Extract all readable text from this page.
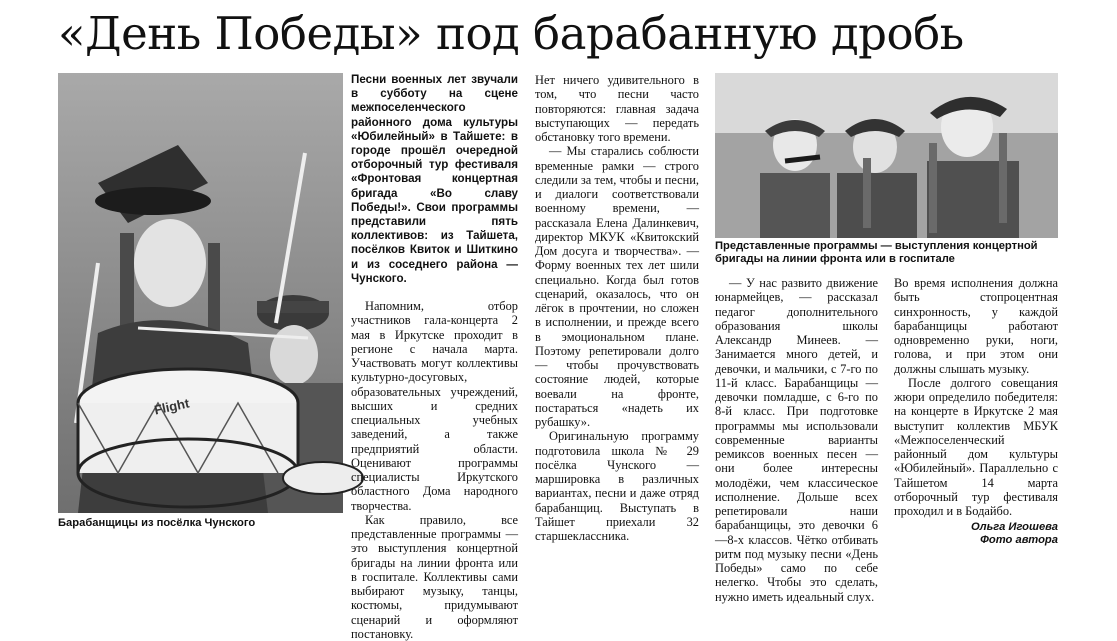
«День Победы» под барабанную дробь
Flight
Барабанщицы из посёлка Чунского
Представленные программы — выступления концертной бригады на линии фронта или в госпитале
Песни военных лет звучали в субботу на сцене межпоселенческого районного дома культуры «Юбилейный» в Тайшете: в городе прошёл очередной отборочный тур фестиваля «Фронтовая концертная бригада «Во славу Победы!». Свои программы представили пять коллективов: из Тайшета, посёлков Квиток и Шиткино и из соседнего района — Чунского.

Напомним, отбор участников гала-концерта 2 мая в Иркутске проходит в регионе с начала марта. Участвовать могут коллективы культурно-досуговых, образовательных учреждений, высших и средних специальных учебных заведений, а также предприятий области. Оценивают программы специалисты Иркутского областного Дома народного творчества.

Как правило, все представленные программы — это выступления концертной бригады на линии фронта или в госпитале. Коллективы сами выбирают музыку, танцы, костюмы, придумывают сценарий и оформляют постановку.

Нет ничего удивительного в том, что песни часто повторяются: главная задача выступающих — передать обстановку того времени.

— Мы старались соблюсти временные рамки — строго следили за тем, чтобы и песни, и диалоги соответствовали военному времени, — рассказала Елена Далинкевич, директор МКУК «Квитокский Дом досуга и творчества». — Форму военных тех лет шили специально. Когда был готов сценарий, оказалось, что он лёгок в прочтении, но сложен в исполнении, и прежде всего в эмоциональном плане. Поэтому репетировали долго — чтобы прочувствовать состояние людей, которые воевали на фронте, постараться «надеть их рубашку».

Оригинальную программу подготовила школа № 29 посёлка Чунского — маршировка в различных вариантах, песни и даже отряд барабанщиц. Выступать в Тайшет приехали 32 старшеклассника.

— У нас развито движение юнармейцев, — рассказал педагог дополнительного образования школы Александр Минеев. — Занимается много детей, и девочки, и мальчики, с 7-го по 11-й класс. Барабанщицы — девочки помладше, с 6-го по 8-й класс. При подготовке программы мы использовали современные варианты ремиксов военных песен — они более интересны молодёжи, чем классическое исполнение. Дольше всех репетировали наши барабанщицы, это девочки 6—8-х классов. Чётко отбивать ритм под музыку песни «День Победы» само по себе нелегко. Чтобы это сделать, нужно иметь идеальный слух.

Во время исполнения должна быть стопроцентная синхронность, у каждой барабанщицы работают одновременно руки, ноги, голова, и при этом они должны слышать музыку.

После долгого совещания жюри определило победителя: на концерте в Иркутске 2 мая выступит коллектив МБУК «Межпоселенческий районный дом культуры «Юбилейный». Параллельно с Тайшетом 14 марта отборочный тур фестиваля проходил и в Бодайбо.

Ольга Игошева
Фото автора
